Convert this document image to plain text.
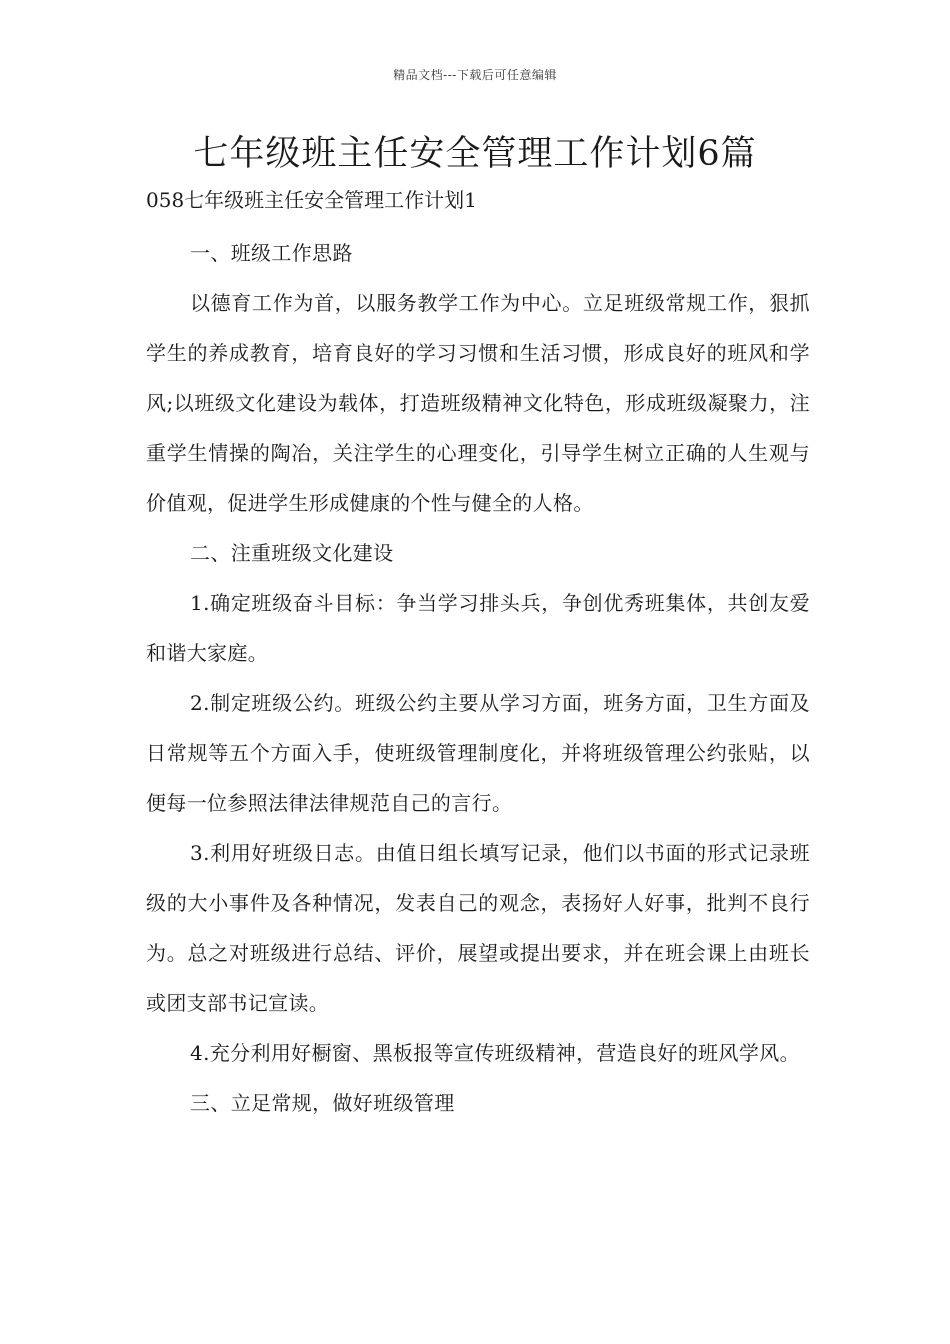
精品文档---下载后可任意编辑
七年级班主任安全管理工作计划6篇
058七年级班主任安全管理工作计划1

一、班级工作思路

以德育工作为首，以服务教学工作为中心。立足班级常规工作，狠抓学生的养成教育，培育良好的学习习惯和生活习惯，形成良好的班风和学风;以班级文化建设为载体，打造班级精神文化特色，形成班级凝聚力，注重学生情操的陶冶，关注学生的心理变化，引导学生树立正确的人生观与价值观，促进学生形成健康的个性与健全的人格。

二、注重班级文化建设

1.确定班级奋斗目标：争当学习排头兵，争创优秀班集体，共创友爱和谐大家庭。

2.制定班级公约。班级公约主要从学习方面，班务方面，卫生方面及日常规等五个方面入手，使班级管理制度化，并将班级管理公约张贴，以便每一位参照法律法律规范自己的言行。

3.利用好班级日志。由值日组长填写记录，他们以书面的形式记录班级的大小事件及各种情况，发表自己的观念，表扬好人好事，批判不良行为。总之对班级进行总结、评价，展望或提出要求，并在班会课上由班长或团支部书记宣读。

4.充分利用好橱窗、黑板报等宣传班级精神，营造良好的班风学风。

三、立足常规，做好班级管理
